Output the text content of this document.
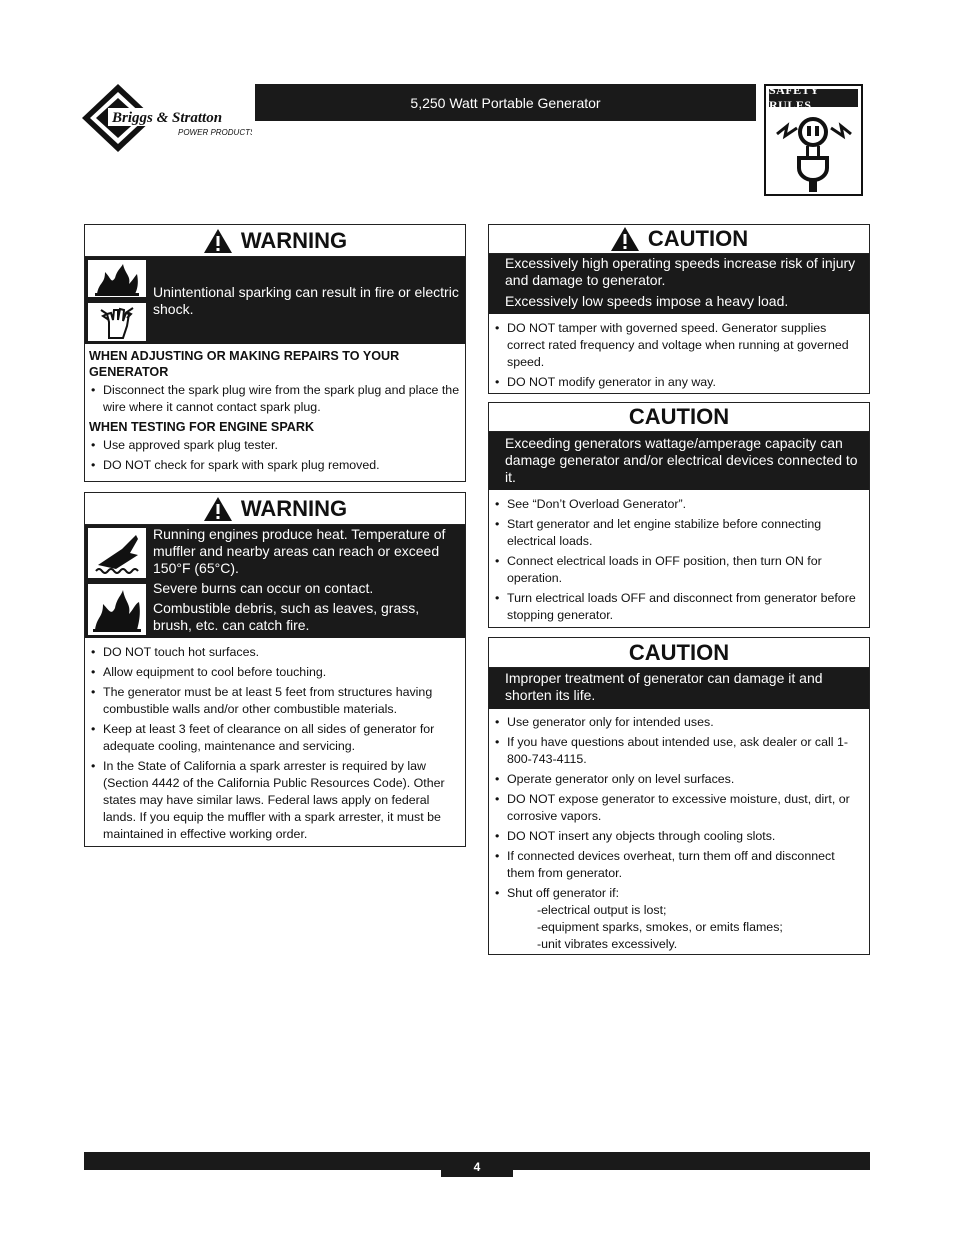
Briggs & Stratton
POWER PRODUCTS
5,250 Watt Portable Generator
SAFETY RULES
WARNING

Unintentional sparking can result in fire or electric shock.

WHEN ADJUSTING OR MAKING REPAIRS TO YOUR GENERATOR
• Disconnect the spark plug wire from the spark plug and place the wire where it cannot contact spark plug.
WHEN TESTING FOR ENGINE SPARK
• Use approved spark plug tester.
• DO NOT check for spark with spark plug removed.
WARNING

Running engines produce heat. Temperature of muffler and nearby areas can reach or exceed 150°F (65°C).

Severe burns can occur on contact.

Combustible debris, such as leaves, grass, brush, etc. can catch fire.

• DO NOT touch hot surfaces.
• Allow equipment to cool before touching.
• The generator must be at least 5 feet from structures having combustible walls and/or other combustible materials.
• Keep at least 3 feet of clearance on all sides of generator for adequate cooling, maintenance and servicing.
• In the State of California a spark arrester is required by law (Section 4442 of the California Public Resources Code). Other states may have similar laws. Federal laws apply on federal lands. If you equip the muffler with a spark arrester, it must be maintained in effective working order.
CAUTION

Excessively high operating speeds increase risk of injury and damage to generator.

Excessively low speeds impose a heavy load.

• DO NOT tamper with governed speed. Generator supplies correct rated frequency and voltage when running at governed speed.
• DO NOT modify generator in any way.
CAUTION

Exceeding generators wattage/amperage capacity can damage generator and/or electrical devices connected to it.

• See “Don’t Overload Generator”.
• Start generator and let engine stabilize before connecting electrical loads.
• Connect electrical loads in OFF position, then turn ON for operation.
• Turn electrical loads OFF and disconnect from generator before stopping generator.
CAUTION

Improper treatment of generator can damage it and shorten its life.

• Use generator only for intended uses.
• If you have questions about intended use, ask dealer or call 1-800-743-4115.
• Operate generator only on level surfaces.
• DO NOT expose generator to excessive moisture, dust, dirt, or corrosive vapors.
• DO NOT insert any objects through cooling slots.
• If connected devices overheat, turn them off and disconnect them from generator.
• Shut off generator if:
-electrical output is lost;
-equipment sparks, smokes, or emits flames;
-unit vibrates excessively.
4
